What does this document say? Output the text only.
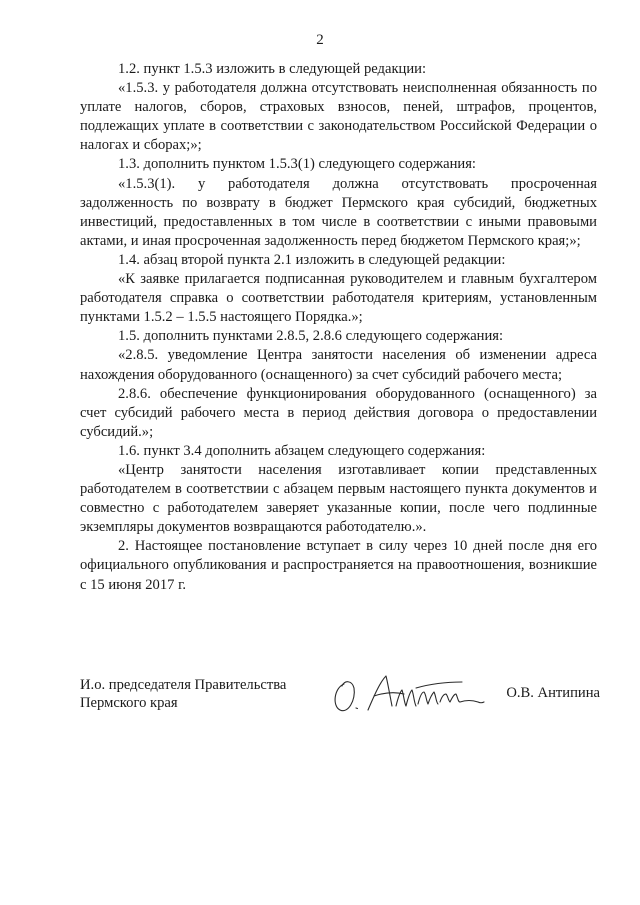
2

1.2. пункт 1.5.3 изложить в следующей редакции:

«1.5.3. у работодателя должна отсутствовать неисполненная обязанность по уплате налогов, сборов, страховых взносов, пеней, штрафов, процентов, подлежащих уплате в соответствии с законодательством Российской Федерации о налогах и сборах;»;

1.3. дополнить пунктом 1.5.3(1) следующего содержания:

«1.5.3(1). у работодателя должна отсутствовать просроченная задолженность по возврату в бюджет Пермского края субсидий, бюджетных инвестиций, предоставленных в том числе в соответствии с иными правовыми актами, и иная просроченная задолженность перед бюджетом Пермского края;»;

1.4. абзац второй пункта 2.1 изложить в следующей редакции:

«К заявке прилагается подписанная руководителем и главным бухгалтером работодателя справка о соответствии работодателя критериям, установленным пунктами 1.5.2 – 1.5.5 настоящего Порядка.»;

1.5. дополнить пунктами 2.8.5, 2.8.6 следующего содержания:

«2.8.5. уведомление Центра занятости населения об изменении адреса нахождения оборудованного (оснащенного) за счет субсидий рабочего места;

2.8.6. обеспечение функционирования оборудованного (оснащенного) за счет субсидий рабочего места в период действия договора о предоставлении субсидий.»;

1.6. пункт 3.4 дополнить абзацем следующего содержания:

«Центр занятости населения изготавливает копии представленных работодателем в соответствии с абзацем первым настоящего пункта документов и совместно с работодателем заверяет указанные копии, после чего подлинные экземпляры документов возвращаются работодателю.».

2. Настоящее постановление вступает в силу через 10 дней после дня его официального опубликования и распространяется на правоотношения, возникшие с 15 июня 2017 г.

И.о. председателя Правительства
Пермского края
О.В. Антипина
